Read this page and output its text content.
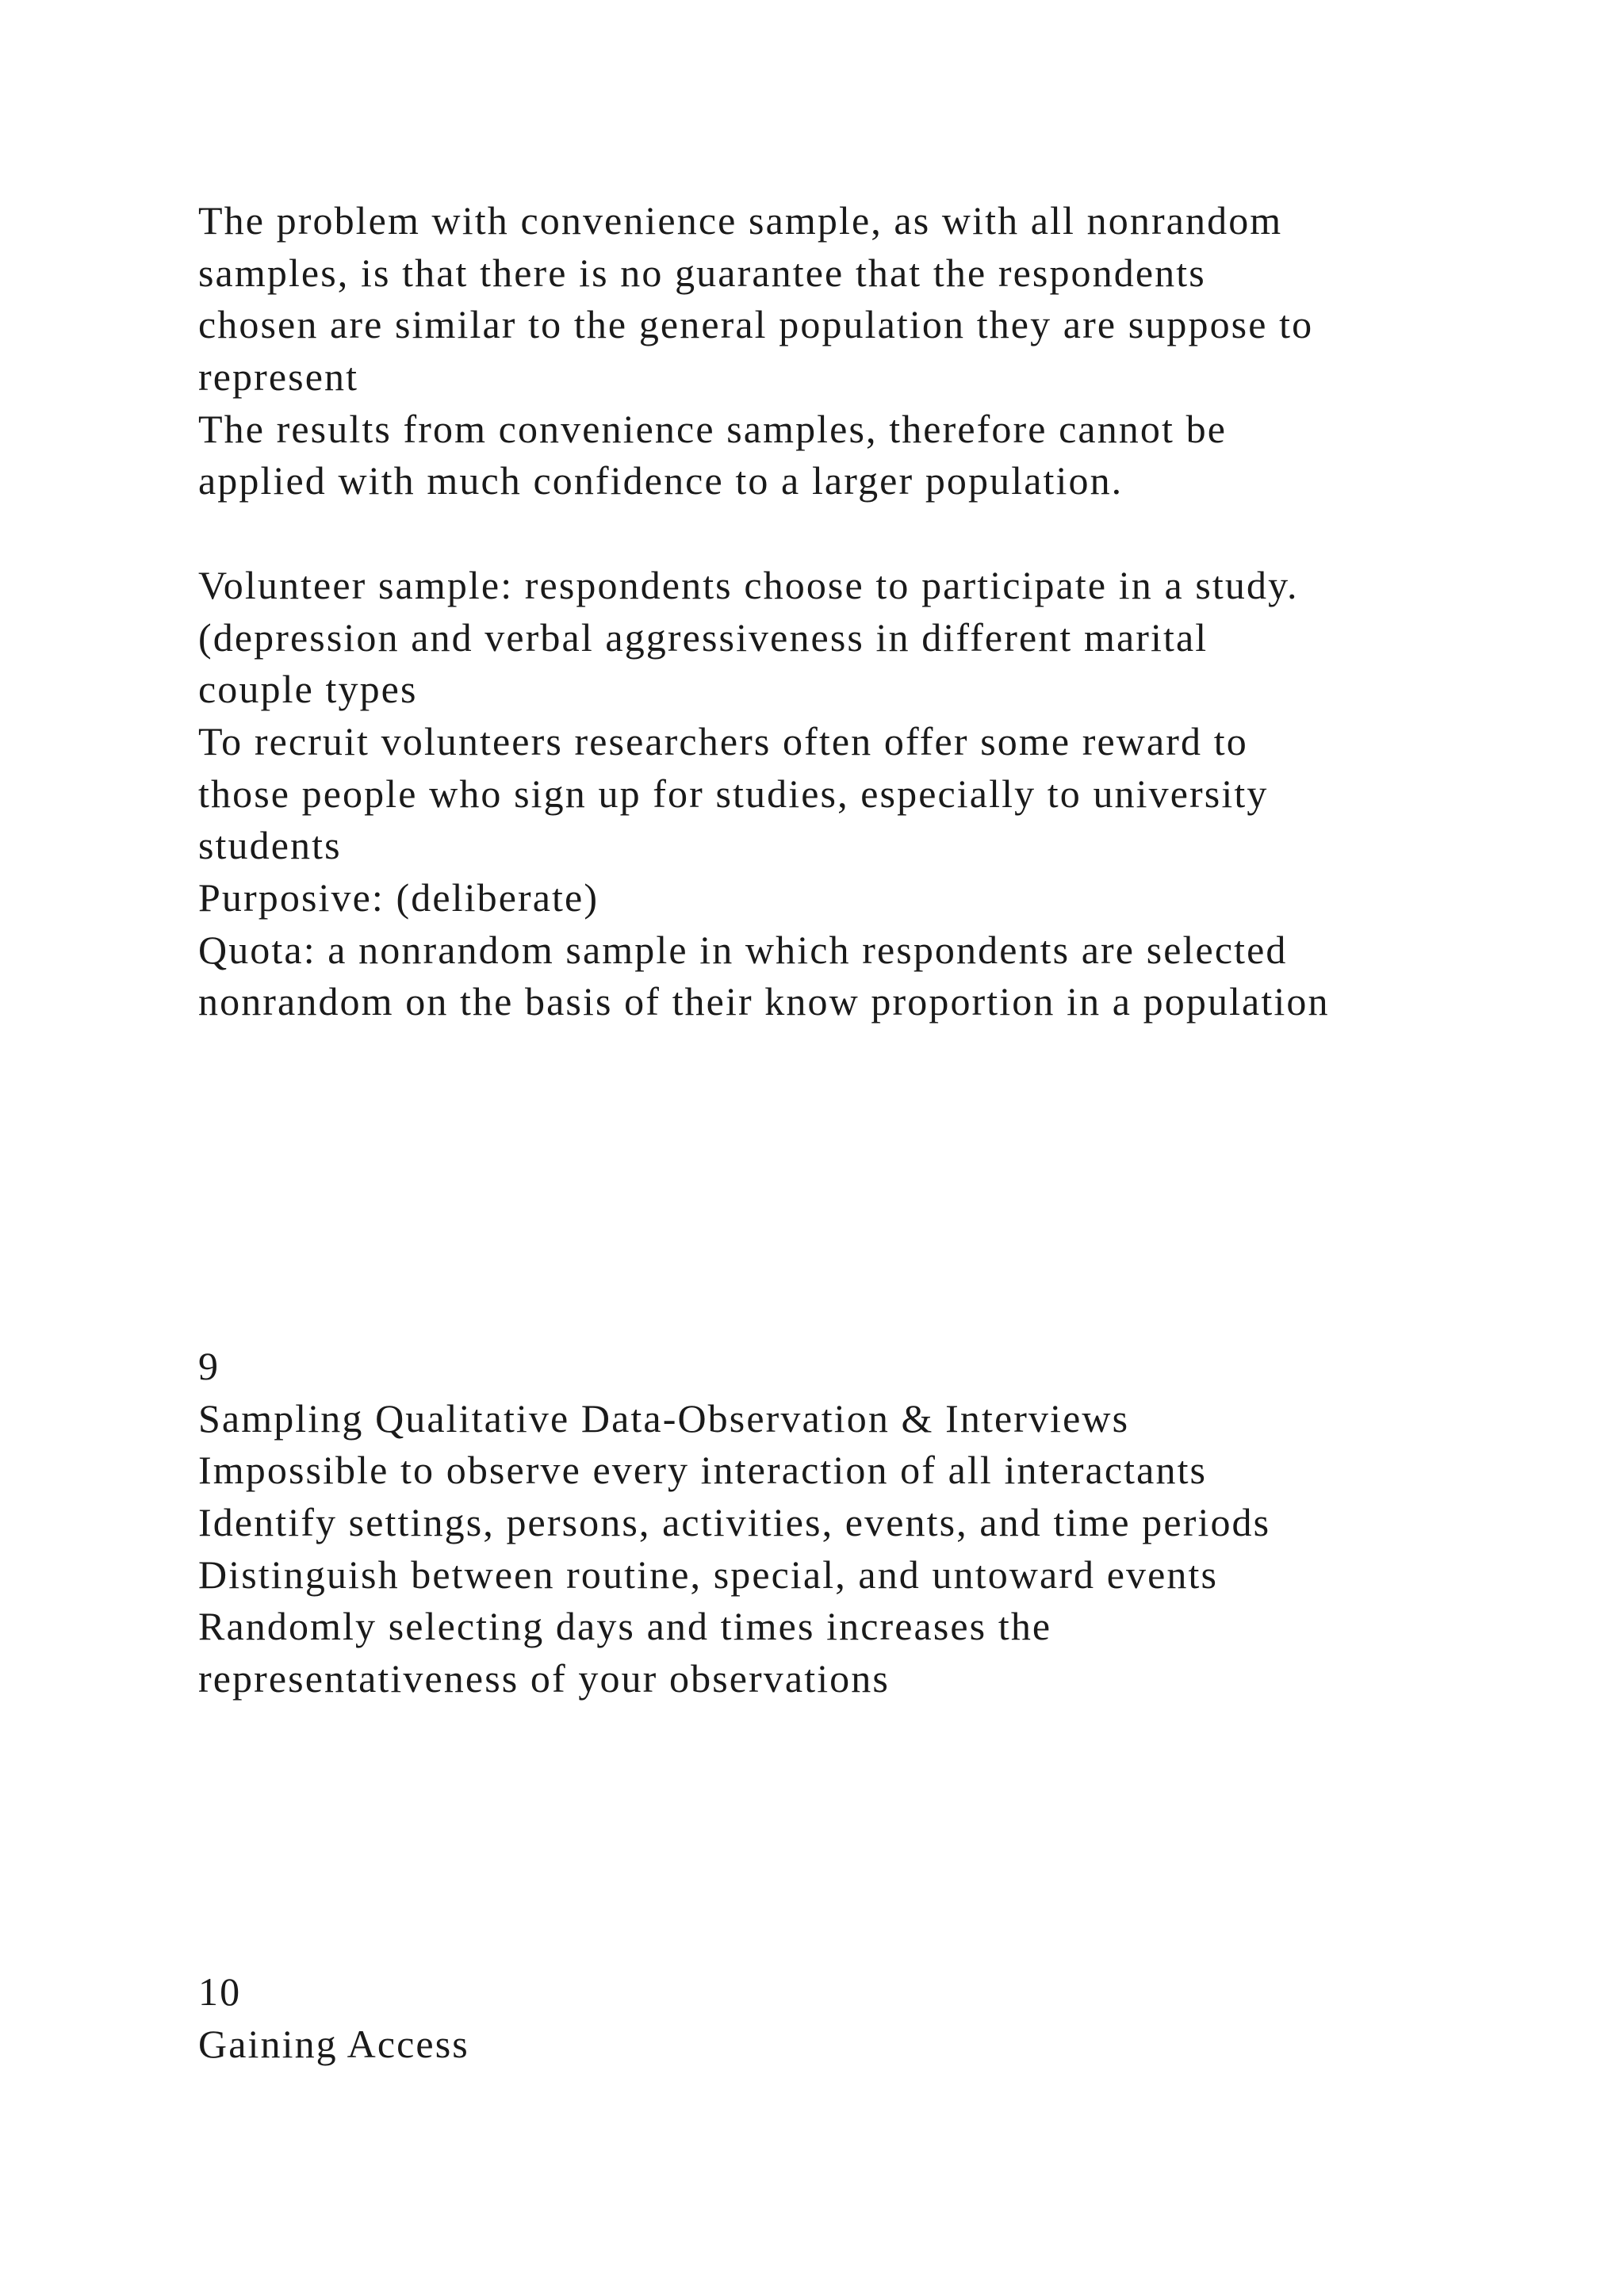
The problem with convenience sample, as with all nonrandom
samples, is that there is no guarantee that the respondents
chosen are similar to the general population they are suppose to
represent
The results from convenience samples, therefore cannot be
applied with much confidence to a larger population.
Volunteer sample: respondents choose to participate in a study.
(depression and verbal aggressiveness in different marital
couple types
To recruit volunteers researchers often offer some reward to
those people who sign up for studies, especially to university
students
Purposive: (deliberate)
Quota: a nonrandom sample in which respondents are selected
nonrandom on the basis of their know proportion in a population
9
Sampling Qualitative Data-Observation & Interviews
Impossible to observe every interaction of all interactants
Identify settings, persons, activities, events, and time periods
Distinguish between routine, special, and untoward events
Randomly selecting days and times increases the
representativeness of your observations
10
Gaining Access
